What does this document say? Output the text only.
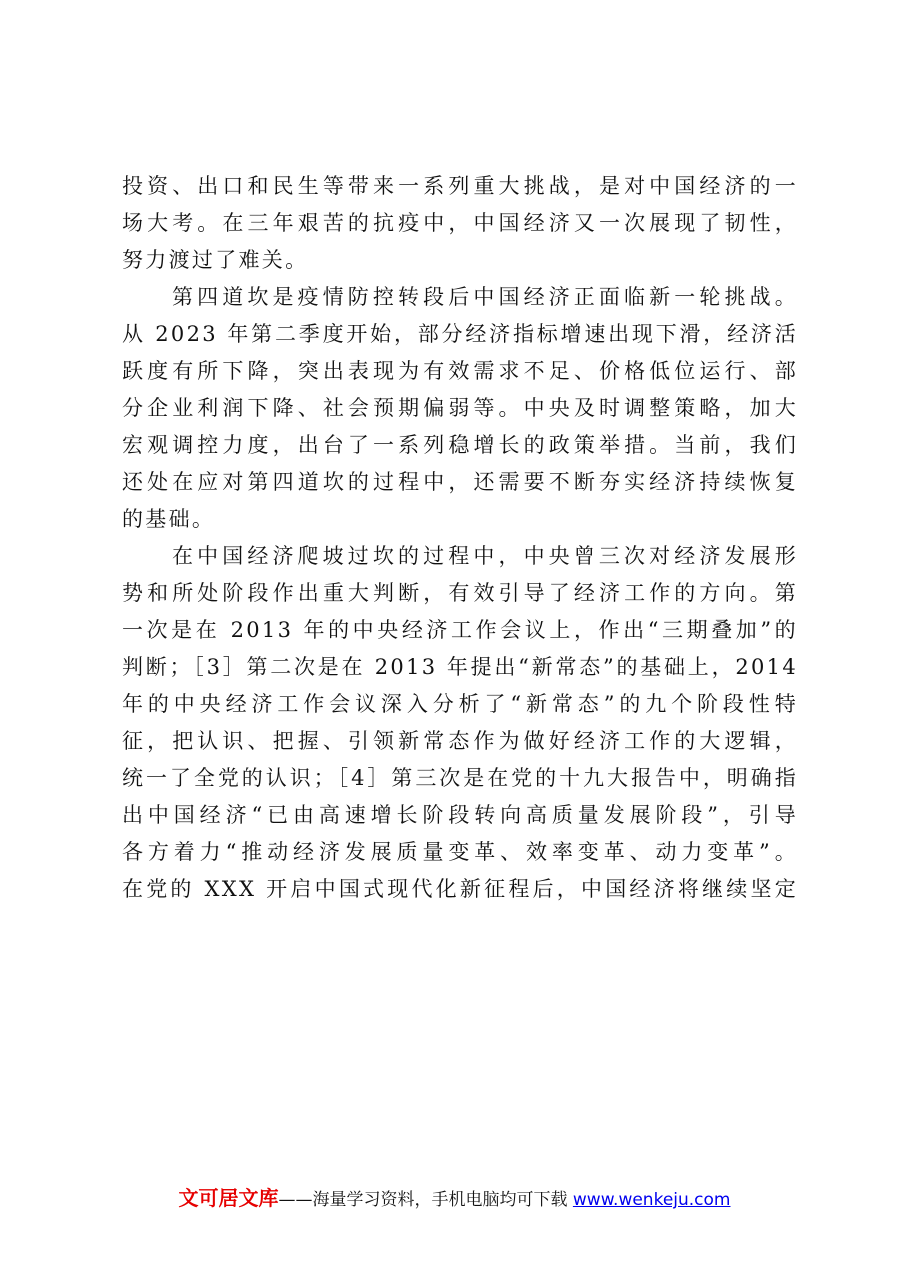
投资、出口和民生等带来一系列重大挑战，是对中国经济的一
场大考。在三年艰苦的抗疫中，中国经济又一次展现了韧性，
努力渡过了难关。
第四道坎是疫情防控转段后中国经济正面临新一轮挑战。
从 2023 年第二季度开始，部分经济指标增速出现下滑，经济活
跃度有所下降，突出表现为有效需求不足、价格低位运行、部
分企业利润下降、社会预期偏弱等。中央及时调整策略，加大
宏观调控力度，出台了一系列稳增长的政策举措。当前，我们
还处在应对第四道坎的过程中，还需要不断夯实经济持续恢复
的基础。
在中国经济爬坡过坎的过程中，中央曾三次对经济发展形
势和所处阶段作出重大判断，有效引导了经济工作的方向。第
一次是在 2013 年的中央经济工作会议上，作出“三期叠加”的
判断；［3］第二次是在 2013 年提出“新常态”的基础上，2014
年的中央经济工作会议深入分析了“新常态”的九个阶段性特
征，把认识、把握、引领新常态作为做好经济工作的大逻辑，
统一了全党的认识；［4］第三次是在党的十九大报告中，明确指
出中国经济“已由高速增长阶段转向高质量发展阶段”，引导
各方着力“推动经济发展质量变革、效率变革、动力变革”。
在党的 XXX 开启中国式现代化新征程后，中国经济将继续坚定
文可居文库——海量学习资料，手机电脑均可下载 www.wenkeju.com
